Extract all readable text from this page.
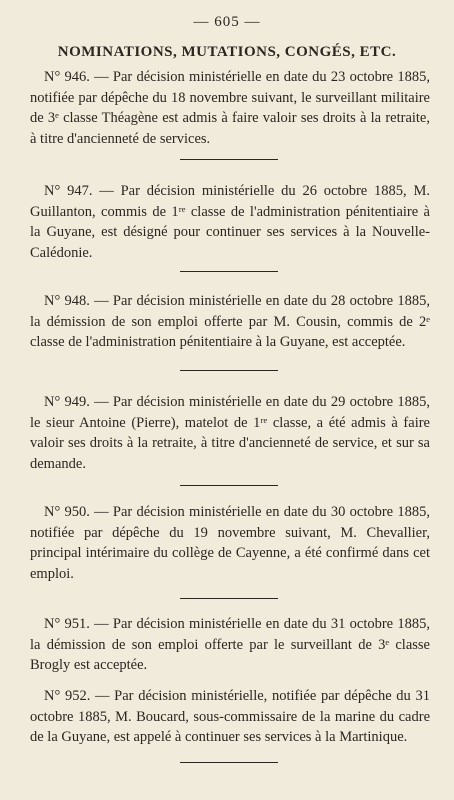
— 605 —
NOMINATIONS, MUTATIONS, CONGÉS, ETC.

N° 946. — Par décision ministérielle en date du 23 octobre 1885, notifiée par dépêche du 18 novembre suivant, le surveillant militaire de 3ᵉ classe Théagène est admis à faire valoir ses droits à la retraite, à titre d'ancienneté de services.

N° 947. — Par décision ministérielle du 26 octobre 1885, M. Guillanton, commis de 1ʳᵉ classe de l'administration pénitentiaire à la Guyane, est désigné pour continuer ses services à la Nouvelle-Calédonie.

N° 948. — Par décision ministérielle en date du 28 octobre 1885, la démission de son emploi offerte par M. Cousin, commis de 2ᵉ classe de l'administration pénitentiaire à la Guyane, est acceptée.

N° 949. — Par décision ministérielle en date du 29 octobre 1885, le sieur Antoine (Pierre), matelot de 1ʳᵉ classe, a été admis à faire valoir ses droits à la retraite, à titre d'ancienneté de service, et sur sa demande.

N° 950. — Par décision ministérielle en date du 30 octobre 1885, notifiée par dépêche du 19 novembre suivant, M. Chevallier, principal intérimaire du collège de Cayenne, a été confirmé dans cet emploi.

N° 951. — Par décision ministérielle en date du 31 octobre 1885, la démission de son emploi offerte par le surveillant de 3ᵉ classe Brogly est acceptée.

N° 952. — Par décision ministérielle, notifiée par dépêche du 31 octobre 1885, M. Boucard, sous-commissaire de la marine du cadre de la Guyane, est appelé à continuer ses services à la Martinique.
